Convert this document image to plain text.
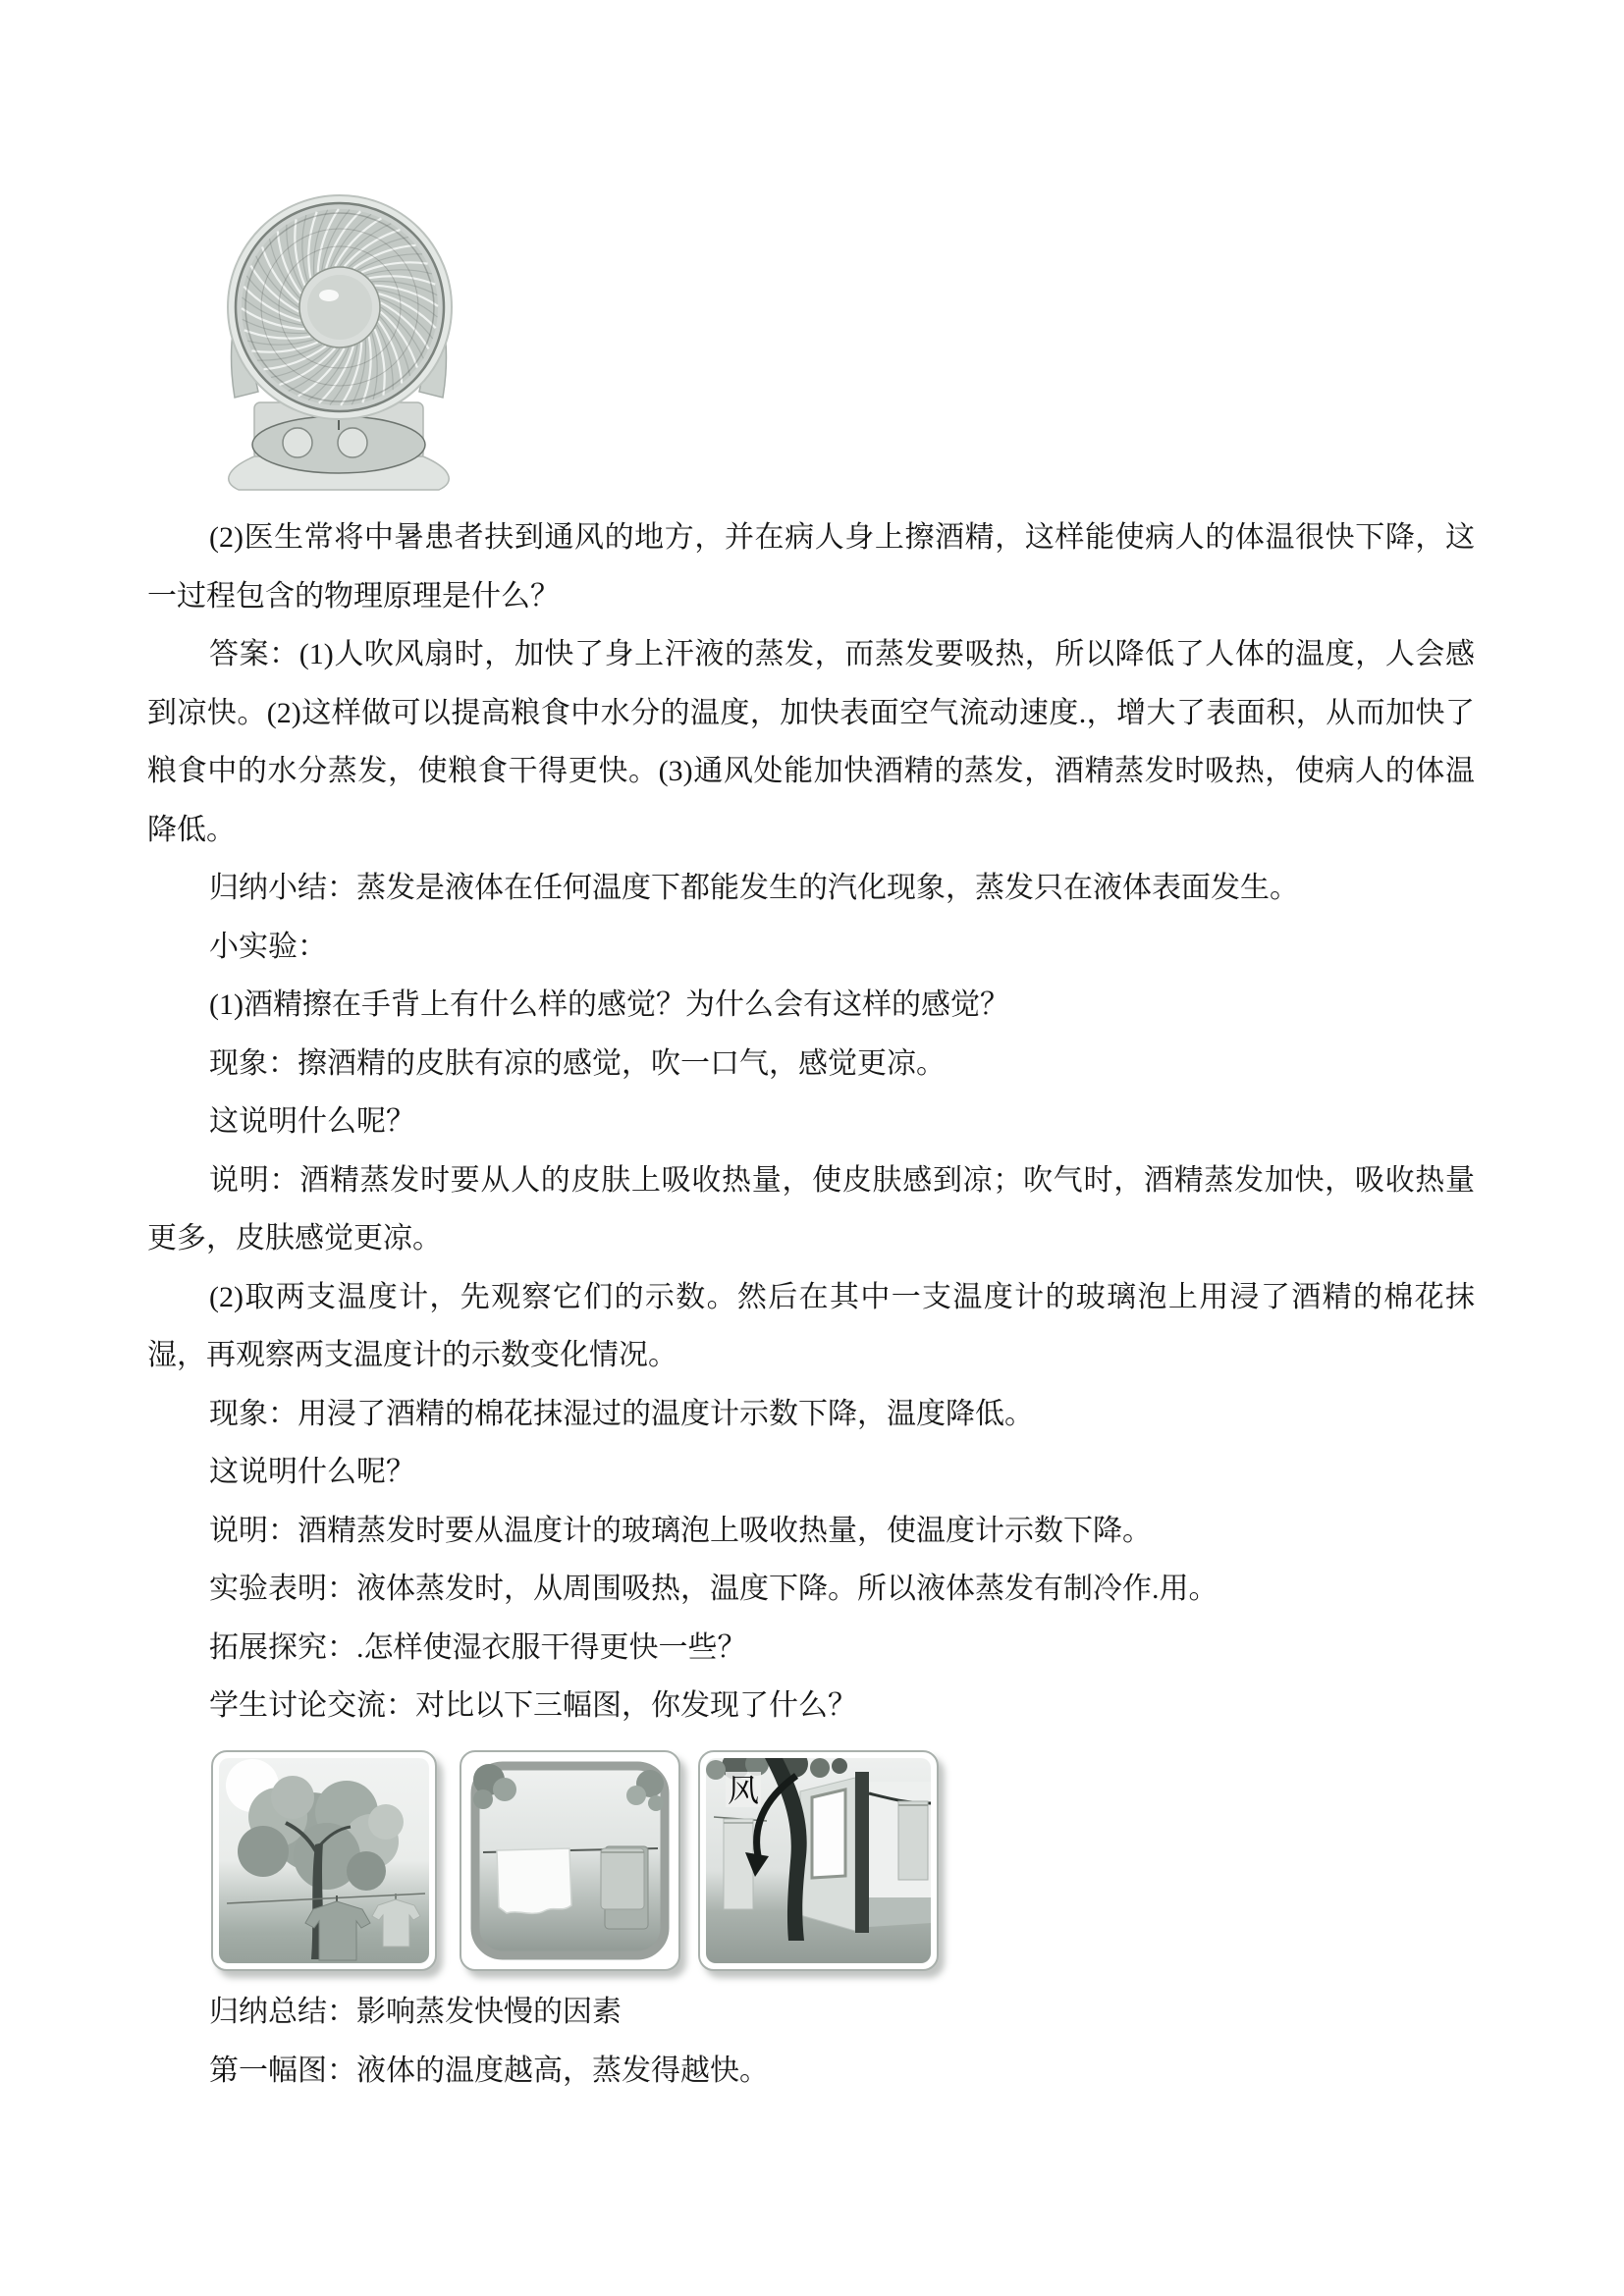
(2)医生常将中暑患者扶到通风的地方，并在病人身上擦酒精，这样能使病人的体温很快下降，这一过程包含的物理原理是什么？

答案：(1)人吹风扇时，加快了身上汗液的蒸发，而蒸发要吸热，所以降低了人体的温度，人会感到凉快。(2)这样做可以提高粮食中水分的温度，加快表面空气流动速度.，增大了表面积，从而加快了粮食中的水分蒸发，使粮食干得更快。(3)通风处能加快酒精的蒸发，酒精蒸发时吸热，使病人的体温降低。

归纳小结：蒸发是液体在任何温度下都能发生的汽化现象，蒸发只在液体表面发生。

小实验：

(1)酒精擦在手背上有什么样的感觉？为什么会有这样的感觉？

现象：擦酒精的皮肤有凉的感觉，吹一口气，感觉更凉。

这说明什么呢？

说明：酒精蒸发时要从人的皮肤上吸收热量，使皮肤感到凉；吹气时，酒精蒸发加快，吸收热量更多，皮肤感觉更凉。

(2)取两支温度计，先观察它们的示数。然后在其中一支温度计的玻璃泡上用浸了酒精的棉花抹湿，再观察两支温度计的示数变化情况。

现象：用浸了酒精的棉花抹湿过的温度计示数下降，温度降低。

这说明什么呢？

说明：酒精蒸发时要从温度计的玻璃泡上吸收热量，使温度计示数下降。

实验表明：液体蒸发时，从周围吸热，温度下降。所以液体蒸发有制冷作.用。

拓展探究：.怎样使湿衣服干得更快一些？

学生讨论交流：对比以下三幅图，你发现了什么？

风

归纳总结：影响蒸发快慢的因素

第一幅图：液体的温度越高，蒸发得越快。
